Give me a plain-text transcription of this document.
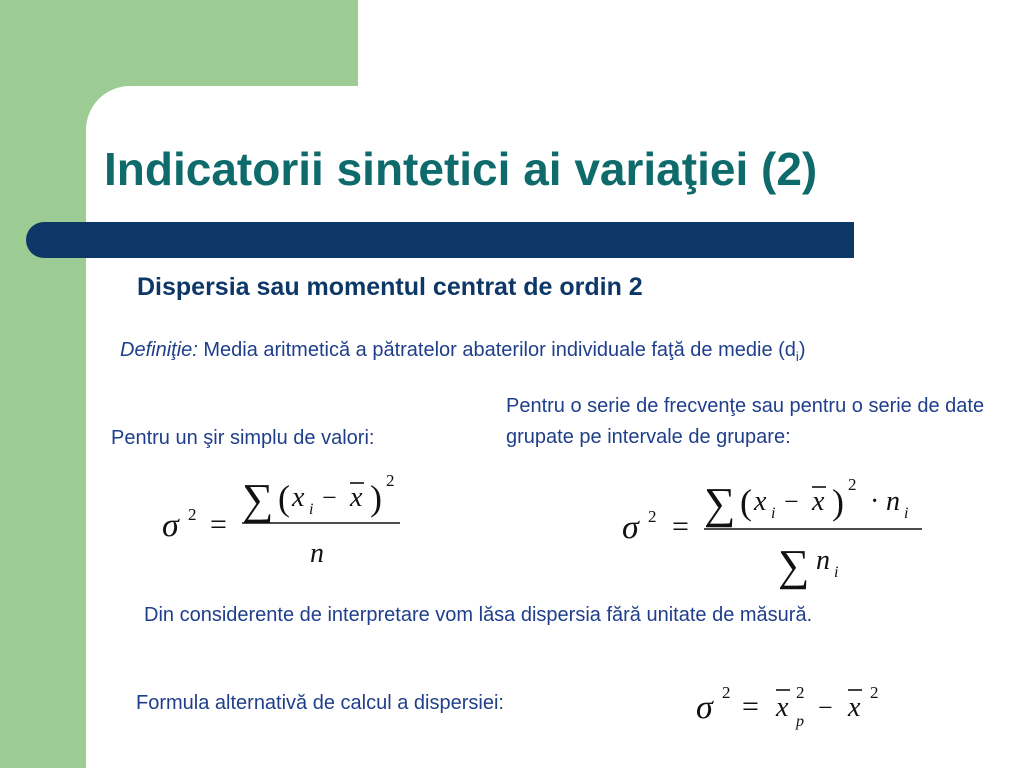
Indicatorii sintetici ai variaţiei (2)
Dispersia sau momentul centrat de ordin 2

Definiţie: Media aritmetică a pătratelor abaterilor individuale faţă de medie $(d_i)$

Pentru un şir simplu de valori:

Pentru o serie de frecvenţe sau pentru o serie de date grupate pe intervale de grupare:

σ 2 =
∑ ( x i − x ) 2
n
σ 2 = ∑ ( x i − x ) 2
· n i
∑ n i

Din considerente de interpretare vom lăsa dispersia fără unitate de măsură.

Formula alternativă de calcul a dispersiei:	σ 2 = x 2
p − x 2
